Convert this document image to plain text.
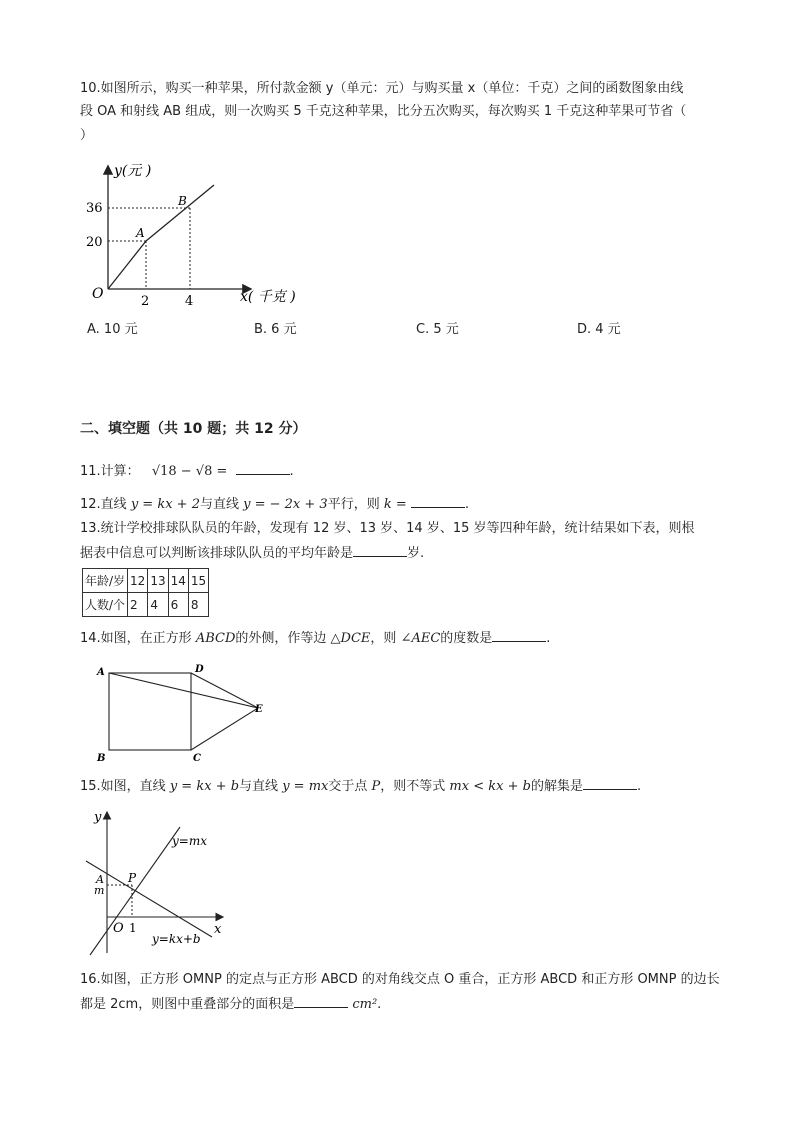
10.如图所示，购买一种苹果，所付款金额 y（单元：元）与购买量 x（单位：千克）之间的函数图象由线
段 OA 和射线 AB 组成，则一次购买 5 千克这种苹果，比分五次购买，每次购买 1 千克这种苹果可节省（
）
y(元 )
x( 千克 )
O
A
B
36
20
2	4
A. 10 元	B. 6 元	C. 5 元	D. 4 元
二、填空题（共 10 题；共 12 分）
11.计算： √18 − √8 =	.
12.直线 y = kx + 2与直线 y = − 2x + 3平行，则 k =	.
13.统计学校排球队队员的年龄，发现有 12 岁、13 岁、14 岁、15 岁等四种年龄，统计结果如下表，则根
据表中信息可以判断该排球队队员的平均年龄是	岁.
年龄/岁	12	13	14	15
人数/个	2	4	6	8
14.如图，在正方形 ABCD的外侧，作等边 △DCE，则 ∠AEC的度数是	.
A
B	C
D
E
15.如图，直线 y = kx + b与直线 y = mx交于点 P，则不等式 mx < kx + b的解集是	.
y
x
O
y=mx
y=kx+b
P
A
m
1
16.如图，正方形 OMNP 的定点与正方形 ABCD 的对角线交点 O 重合，正方形 ABCD 和正方形 OMNP 的边长
都是 2cm，则图中重叠部分的面积是	cm².
